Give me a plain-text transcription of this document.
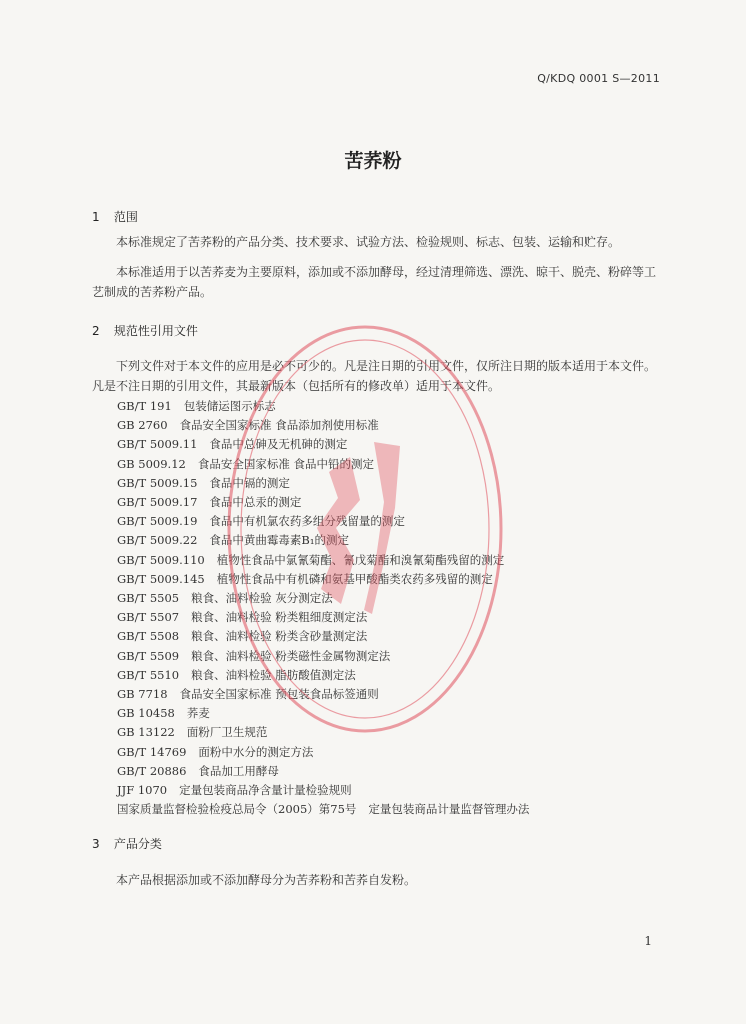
Q/KDQ 0001 S—2011
苦荞粉
1 范围

本标准规定了苦荞粉的产品分类、技术要求、试验方法、检验规则、标志、包装、运输和贮存。

本标准适用于以苦荞麦为主要原料，添加或不添加酵母，经过清理筛选、漂洗、晾干、脱壳、粉碎等工艺制成的苦荞粉产品。

2 规范性引用文件

下列文件对于本文件的应用是必不可少的。凡是注日期的引用文件，仅所注日期的版本适用于本文件。凡是不注日期的引用文件，其最新版本（包括所有的修改单）适用于本文件。

GB/T 191 包装储运图示标志
GB 2760 食品安全国家标准 食品添加剂使用标准
GB/T 5009.11 食品中总砷及无机砷的测定
GB 5009.12 食品安全国家标准 食品中铅的测定
GB/T 5009.15 食品中镉的测定
GB/T 5009.17 食品中总汞的测定
GB/T 5009.19 食品中有机氯农药多组分残留量的测定
GB/T 5009.22 食品中黄曲霉毒素B₁的测定
GB/T 5009.110 植物性食品中氯氰菊酯、氰戊菊酯和溴氰菊酯残留的测定
GB/T 5009.145 植物性食品中有机磷和氨基甲酸酯类农药多残留的测定
GB/T 5505 粮食、油料检验 灰分测定法
GB/T 5507 粮食、油料检验 粉类粗细度测定法
GB/T 5508 粮食、油料检验 粉类含砂量测定法
GB/T 5509 粮食、油料检验 粉类磁性金属物测定法
GB/T 5510 粮食、油料检验 脂肪酸值测定法
GB 7718 食品安全国家标准 预包装食品标签通则
GB 10458 荞麦
GB 13122 面粉厂卫生规范
GB/T 14769 面粉中水分的测定方法
GB/T 20886 食品加工用酵母
JJF 1070 定量包装商品净含量计量检验规则
国家质量监督检验检疫总局令（2005）第75号 定量包装商品计量监督管理办法
3 产品分类

本产品根据添加或不添加酵母分为苦荞粉和苦荞自发粉。

1
